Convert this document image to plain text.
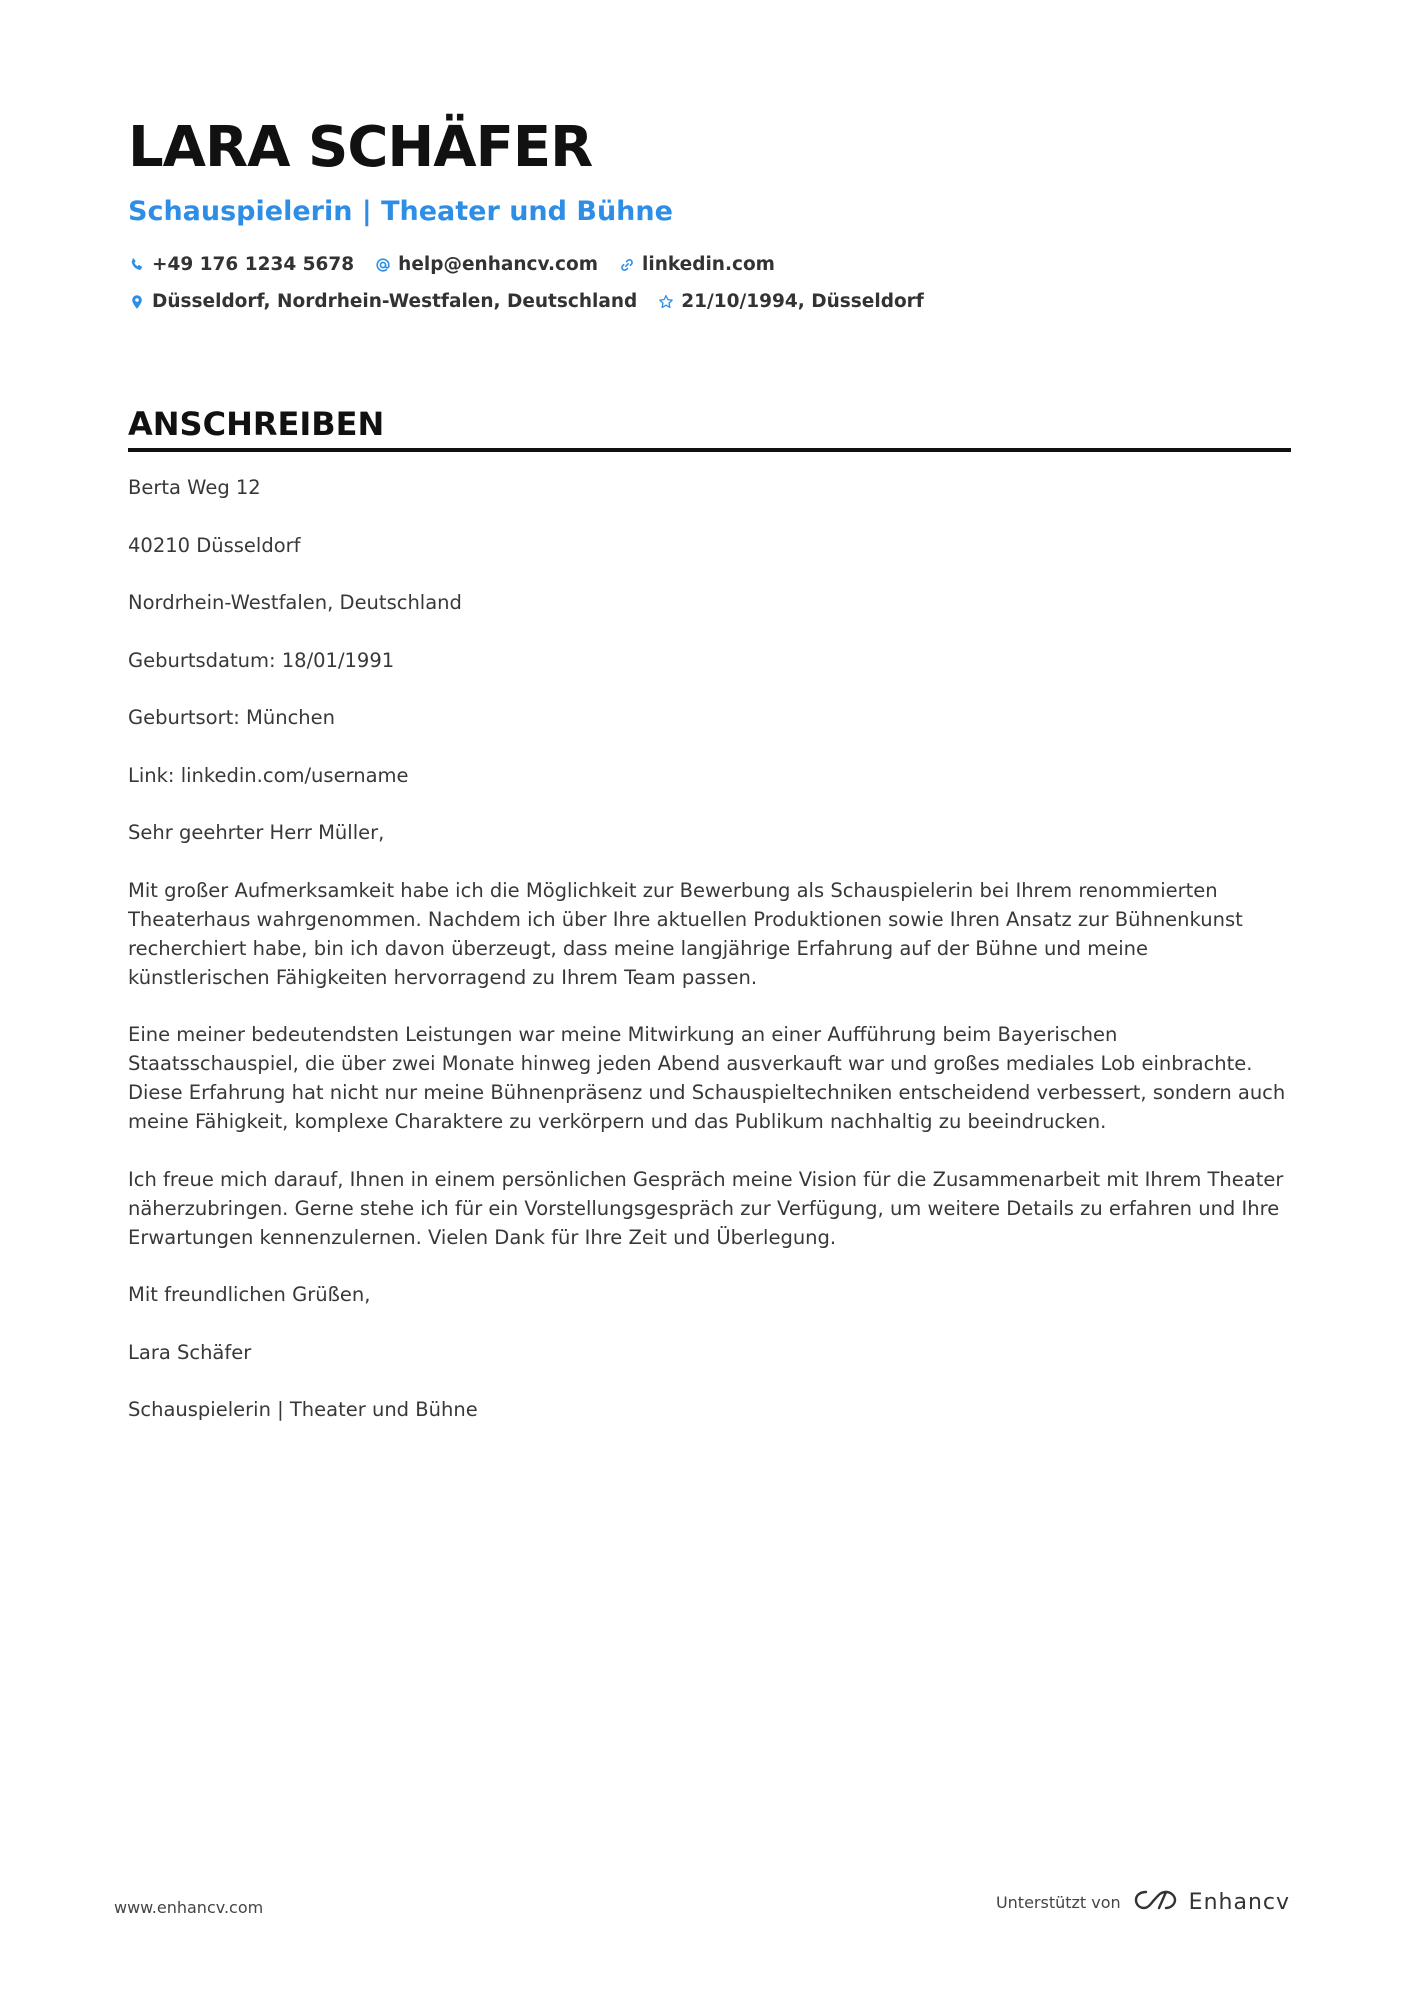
LARA SCHÄFER
Schauspielerin | Theater und Bühne
+49 176 1234 5678 help@enhancv.com linkedin.com
Düsseldorf, Nordrhein-Westfalen, Deutschland 21/10/1994, Düsseldorf
ANSCHREIBEN

Berta Weg 12

40210 Düsseldorf

Nordrhein-Westfalen, Deutschland

Geburtsdatum: 18/01/1991

Geburtsort: München

Link: linkedin.com/username

Sehr geehrter Herr Müller,

Mit großer Aufmerksamkeit habe ich die Möglichkeit zur Bewerbung als Schauspielerin bei Ihrem renommierten Theaterhaus wahrgenommen. Nachdem ich über Ihre aktuellen Produktionen sowie Ihren Ansatz zur Bühnenkunst recherchiert habe, bin ich davon überzeugt, dass meine langjährige Erfahrung auf der Bühne und meine künstlerischen Fähigkeiten hervorragend zu Ihrem Team passen.

Eine meiner bedeutendsten Leistungen war meine Mitwirkung an einer Aufführung beim Bayerischen Staatsschauspiel, die über zwei Monate hinweg jeden Abend ausverkauft war und großes mediales Lob einbrachte. Diese Erfahrung hat nicht nur meine Bühnenpräsenz und Schauspieltechniken entscheidend verbessert, sondern auch meine Fähigkeit, komplexe Charaktere zu verkörpern und das Publikum nachhaltig zu beeindrucken.

Ich freue mich darauf, Ihnen in einem persönlichen Gespräch meine Vision für die Zusammenarbeit mit Ihrem Theater näherzubringen. Gerne stehe ich für ein Vorstellungsgespräch zur Verfügung, um weitere Details zu erfahren und Ihre Erwartungen kennenzulernen. Vielen Dank für Ihre Zeit und Überlegung.

Mit freundlichen Grüßen,

Lara Schäfer

Schauspielerin | Theater und Bühne

www.enhancv.com	Unterstützt von	Enhancv
